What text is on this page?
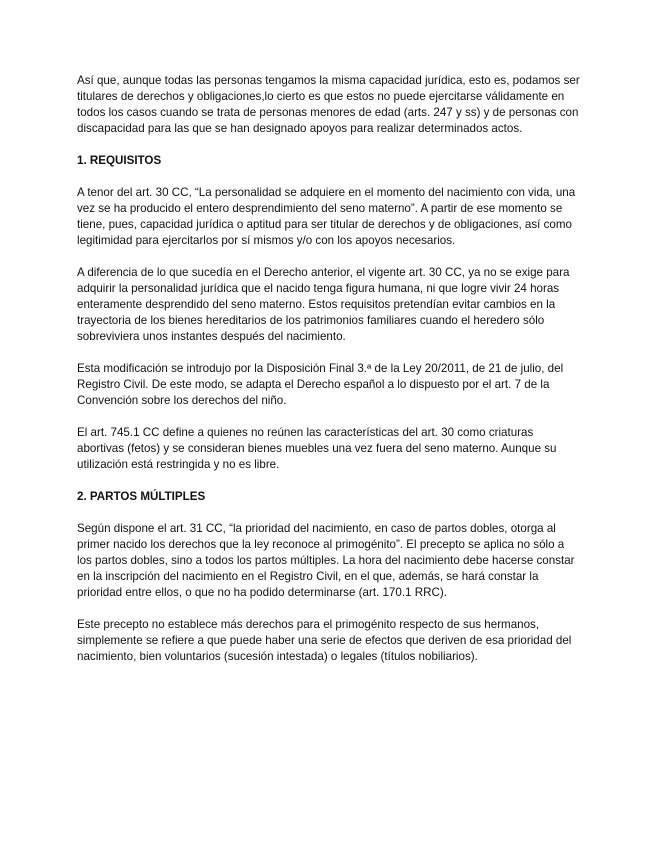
Así que, aunque todas las personas tengamos la misma capacidad jurídica, esto es, podamos ser titulares de derechos y obligaciones,lo cierto es que estos no puede ejercitarse válidamente en todos los casos cuando se trata de personas menores de edad (arts. 247 y ss) y de personas con discapacidad para las que se han designado apoyos para realizar determinados actos.

1. REQUISITOS

A tenor del art. 30 CC, “La personalidad se adquiere en el momento del nacimiento con vida, una vez se ha producido el entero desprendimiento del seno materno”. A partir de ese momento se tiene, pues, capacidad jurídica o aptitud para ser titular de derechos y de obligaciones, así como legitimidad para ejercitarlos por sí mismos y/o con los apoyos necesarios.

A diferencia de lo que sucedía en el Derecho anterior, el vigente art. 30 CC, ya no se exige para adquirir la personalidad jurídica que el nacido tenga figura humana, ni que logre vivir 24 horas enteramente desprendido del seno materno. Estos requisitos pretendían evitar cambios en la trayectoria de los bienes hereditarios de los patrimonios familiares cuando el heredero sólo sobreviviera unos instantes después del nacimiento.

Esta modificación se introdujo por la Disposición Final 3.ª de la Ley 20/2011, de 21 de julio, del Registro Civil. De este modo, se adapta el Derecho español a lo dispuesto por el art. 7 de la Convención sobre los derechos del niño.

El art. 745.1 CC define a quienes no reúnen las características del art. 30 como criaturas abortivas (fetos) y se consideran bienes muebles una vez fuera del seno materno. Aunque su utilización está restringida y no es libre.

2. PARTOS MÚLTIPLES

Según dispone el art. 31 CC, “la prioridad del nacimiento, en caso de partos dobles, otorga al primer nacido los derechos que la ley reconoce al primogénito”. El precepto se aplica no sólo a los partos dobles, sino a todos los partos múltiples. La hora del nacimiento debe hacerse constar en la inscripción del nacimiento en el Registro Civil, en el que, además, se hará constar la prioridad entre ellos, o que no ha podido determinarse (art. 170.1 RRC).

Este precepto no establece más derechos para el primogénito respecto de sus hermanos, simplemente se refiere a que puede haber una serie de efectos que deriven de esa prioridad del nacimiento, bien voluntarios (sucesión intestada) o legales (títulos nobiliarios).
